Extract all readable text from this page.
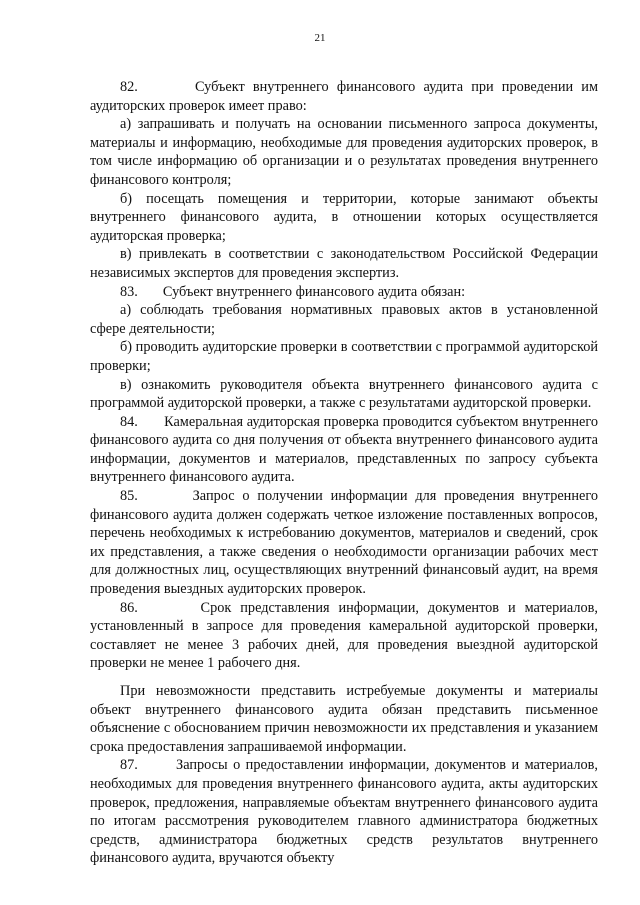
21

82.       Субъект внутреннего финансового аудита при проведении им аудиторских проверок имеет право:

а) запрашивать и получать на основании письменного запроса документы, материалы и информацию, необходимые для проведения аудиторских проверок, в том числе информацию об организации и о результатах проведения внутреннего финансового контроля;

б) посещать помещения и территории, которые занимают объекты внутреннего финансового аудита, в отношении которых осуществляется аудиторская проверка;

в) привлекать в соответствии с законодательством Российской Федерации независимых экспертов для проведения экспертиз.

83.       Субъект внутреннего финансового аудита обязан:

а) соблюдать требования нормативных правовых актов в установленной сфере деятельности;

б) проводить аудиторские проверки в соответствии с программой аудиторской проверки;

в) ознакомить руководителя объекта внутреннего финансового аудита с программой аудиторской проверки, а также с результатами аудиторской проверки.

84.       Камеральная аудиторская проверка проводится субъектом внутреннего финансового аудита со дня получения от объекта внутреннего финансового аудита информации, документов и материалов, представленных по запросу субъекта внутреннего финансового аудита.

85.       Запрос о получении информации для проведения внутреннего финансового аудита должен содержать четкое изложение поставленных вопросов, перечень необходимых к истребованию документов, материалов и сведений, срок их представления, а также сведения о необходимости организации рабочих мест для должностных лиц, осуществляющих внутренний финансовый аудит, на время проведения выездных аудиторских проверок.

86.       Срок представления информации, документов и материалов, установленный в запросе для проведения камеральной аудиторской проверки, составляет не менее 3 рабочих дней, для проведения выездной аудиторской проверки не менее 1 рабочего дня.

При невозможности представить истребуемые документы и материалы объект внутреннего финансового аудита обязан представить письменное объяснение с обоснованием причин невозможности их представления и указанием срока предоставления запрашиваемой информации.

87.       Запросы о предоставлении информации, документов и материалов, необходимых для проведения внутреннего финансового аудита, акты аудиторских проверок, предложения, направляемые объектам внутреннего финансового аудита по итогам рассмотрения руководителем главного администратора бюджетных средств, администратора бюджетных средств результатов внутреннего финансового аудита, вручаются объекту
